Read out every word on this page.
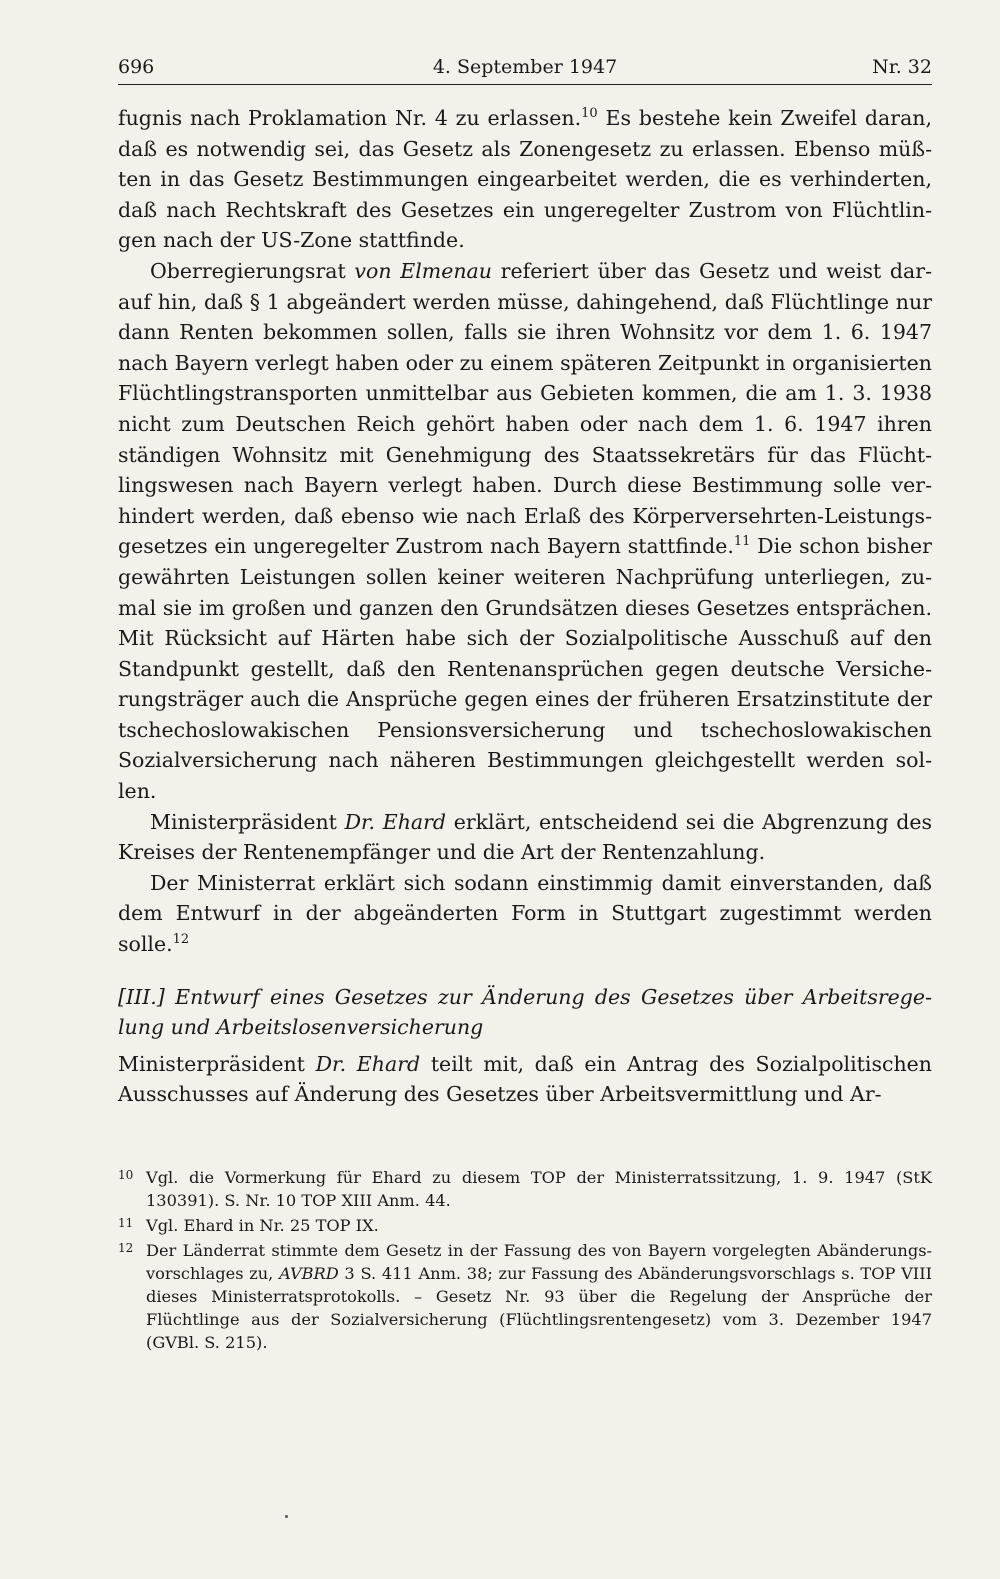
696	4. September 1947	Nr. 32

fugnis nach Proklamation Nr. 4 zu erlassen.$^{10}$ Es bestehe kein Zweifel daran, daß es notwendig sei, das Gesetz als Zonengesetz zu erlassen. Ebenso müßten in das Gesetz Bestimmungen eingearbeitet werden, die es verhinderten, daß nach Rechtskraft des Gesetzes ein ungeregelter Zustrom von Flüchtlingen nach der US-Zone stattfinde.

Oberregierungsrat von Elmenau referiert über das Gesetz und weist darauf hin, daß § 1 abgeändert werden müsse, dahingehend, daß Flüchtlinge nur dann Renten bekommen sollen, falls sie ihren Wohnsitz vor dem 1. 6. 1947 nach Bayern verlegt haben oder zu einem späteren Zeitpunkt in organisierten Flüchtlingstransporten unmittelbar aus Gebieten kommen, die am 1. 3. 1938 nicht zum Deutschen Reich gehört haben oder nach dem 1. 6. 1947 ihren ständigen Wohnsitz mit Genehmigung des Staatssekretärs für das Flüchtlingswesen nach Bayern verlegt haben. Durch diese Bestimmung solle verhindert werden, daß ebenso wie nach Erlaß des Körperversehrten-Leistungsgesetzes ein ungeregelter Zustrom nach Bayern stattfinde.$^{11}$ Die schon bisher gewährten Leistungen sollen keiner weiteren Nachprüfung unterliegen, zumal sie im großen und ganzen den Grundsätzen dieses Gesetzes entsprächen. Mit Rücksicht auf Härten habe sich der Sozialpolitische Ausschuß auf den Standpunkt gestellt, daß den Rentenansprüchen gegen deutsche Versicherungsträger auch die Ansprüche gegen eines der früheren Ersatzinstitute der tschechoslowakischen Pensionsversicherung und tschechoslowakischen Sozialversicherung nach näheren Bestimmungen gleichgestellt werden sollen.

Ministerpräsident Dr. Ehard erklärt, entscheidend sei die Abgrenzung des Kreises der Rentenempfänger und die Art der Rentenzahlung.

Der Ministerrat erklärt sich sodann einstimmig damit einverstanden, daß dem Entwurf in der abgeänderten Form in Stuttgart zugestimmt werden solle.$^{12}$

[III.] Entwurf eines Gesetzes zur Änderung des Gesetzes über Arbeitsregelung und Arbeitslosenversicherung

Ministerpräsident Dr. Ehard teilt mit, daß ein Antrag des Sozialpolitischen Ausschusses auf Änderung des Gesetzes über Arbeitsvermittlung und Ar-

10 Vgl. die Vormerkung für Ehard zu diesem TOP der Ministerratssitzung, 1. 9. 1947 (StK 130391). S. Nr. 10 TOP XIII Anm. 44.
11 Vgl. Ehard in Nr. 25 TOP IX.
12 Der Länderrat stimmte dem Gesetz in der Fassung des von Bayern vorgelegten Abänderungsvorschlages zu, AVBRD 3 S. 411 Anm. 38; zur Fassung des Abänderungsvorschlags s. TOP VIII dieses Ministerratsprotokolls. – Gesetz Nr. 93 über die Regelung der Ansprüche der Flüchtlinge aus der Sozialversicherung (Flüchtlingsrentengesetz) vom 3. Dezember 1947 (GVBl. S. 215).
